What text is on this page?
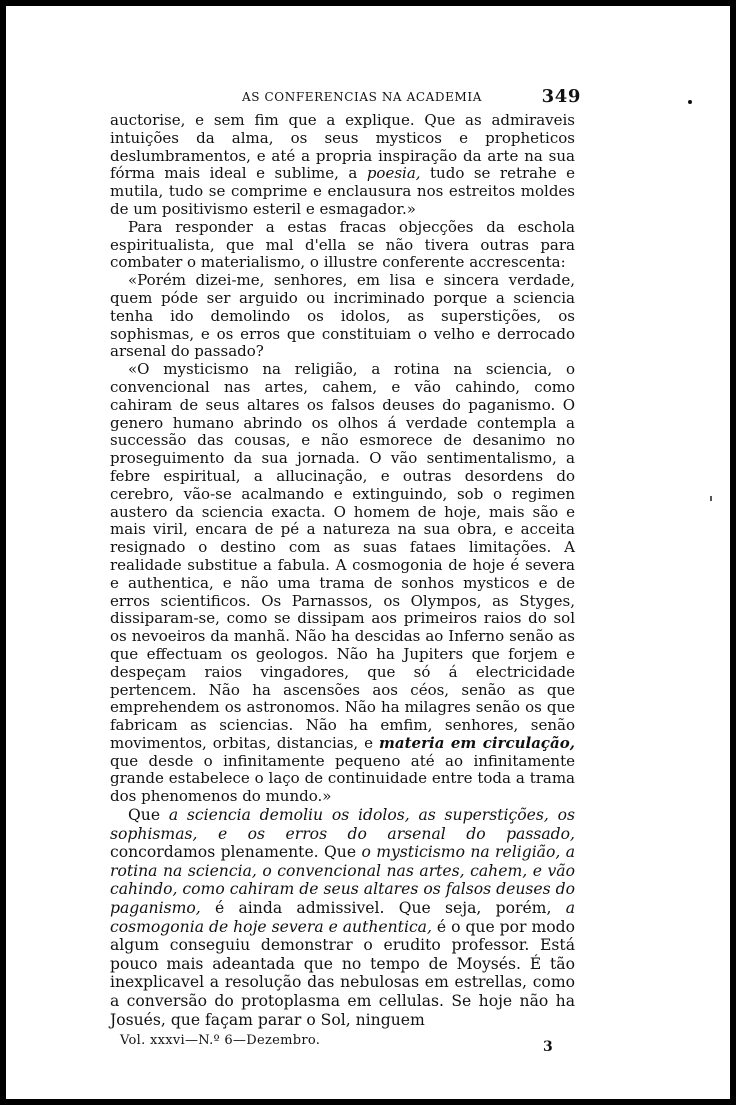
AS CONFERENCIAS NA ACADEMIA	349

auctorise, e sem fim que a explique. Que as admiraveis intuições da alma, os seus mysticos e propheticos deslumbramentos, e até a propria inspiração da arte na sua fórma mais ideal e sublime, a poesia, tudo se retrahe e mutila, tudo se comprime e enclausura nos estreitos moldes de um positivismo esteril e esmagador.»

Para responder a estas fracas objecções da eschola espiritualista, que mal d'ella se não tivera outras para combater o materialismo, o illustre conferente accrescenta:

«Porém dizei-me, senhores, em lisa e sincera verdade, quem póde ser arguido ou incriminado porque a sciencia tenha ido demolindo os idolos, as superstições, os sophismas, e os erros que constituiam o velho e derrocado arsenal do passado?

«O mysticismo na religião, a rotina na sciencia, o convencional nas artes, cahem, e vão cahindo, como cahiram de seus altares os falsos deuses do paganismo. O genero humano abrindo os olhos á verdade contempla a successão das cousas, e não esmorece de desanimo no proseguimento da sua jornada. O vão sentimentalismo, a febre espiritual, a allucinação, e outras desordens do cerebro, vão-se acalmando e extinguindo, sob o regimen austero da sciencia exacta. O homem de hoje, mais são e mais viril, encara de pé a natureza na sua obra, e acceita resignado o destino com as suas fataes limitações. A realidade substitue a fabula. A cosmogonia de hoje é severa e authentica, e não uma trama de sonhos mysticos e de erros scientificos. Os Parnassos, os Olympos, as Styges, dissiparam-se, como se dissipam aos primeiros raios do sol os nevoeiros da manhã. Não ha descidas ao Inferno senão as que effectuam os geologos. Não ha Jupiters que forjem e despeçam raios vingadores, que só á electricidade pertencem. Não ha ascensões aos céos, senão as que emprehendem os astronomos. Não ha milagres senão os que fabricam as sciencias. Não ha emfim, senhores, senão movimentos, orbitas, distancias, e materia em circulação, que desde o infinitamente pequeno até ao infinitamente grande estabelece o laço de continuidade entre toda a trama dos phenomenos do mundo.»

Que a sciencia demoliu os idolos, as superstições, os sophismas, e os erros do arsenal do passado, concordamos plenamente. Que o mysticismo na religião, a rotina na sciencia, o convencional nas artes, cahem, e vão cahindo, como cahiram de seus altares os falsos deuses do paganismo, é ainda admissivel. Que seja, porém, a cosmogonia de hoje severa e authentica, é o que por modo algum conseguiu demonstrar o erudito professor. Está pouco mais adeantada que no tempo de Moysés. É tão inexplicavel a resolução das nebulosas em estrellas, como a conversão do protoplasma em cellulas. Se hoje não ha Josués, que façam parar o Sol, ninguem

Vol. xxxvi—N.º 6—Dezembro.	3
